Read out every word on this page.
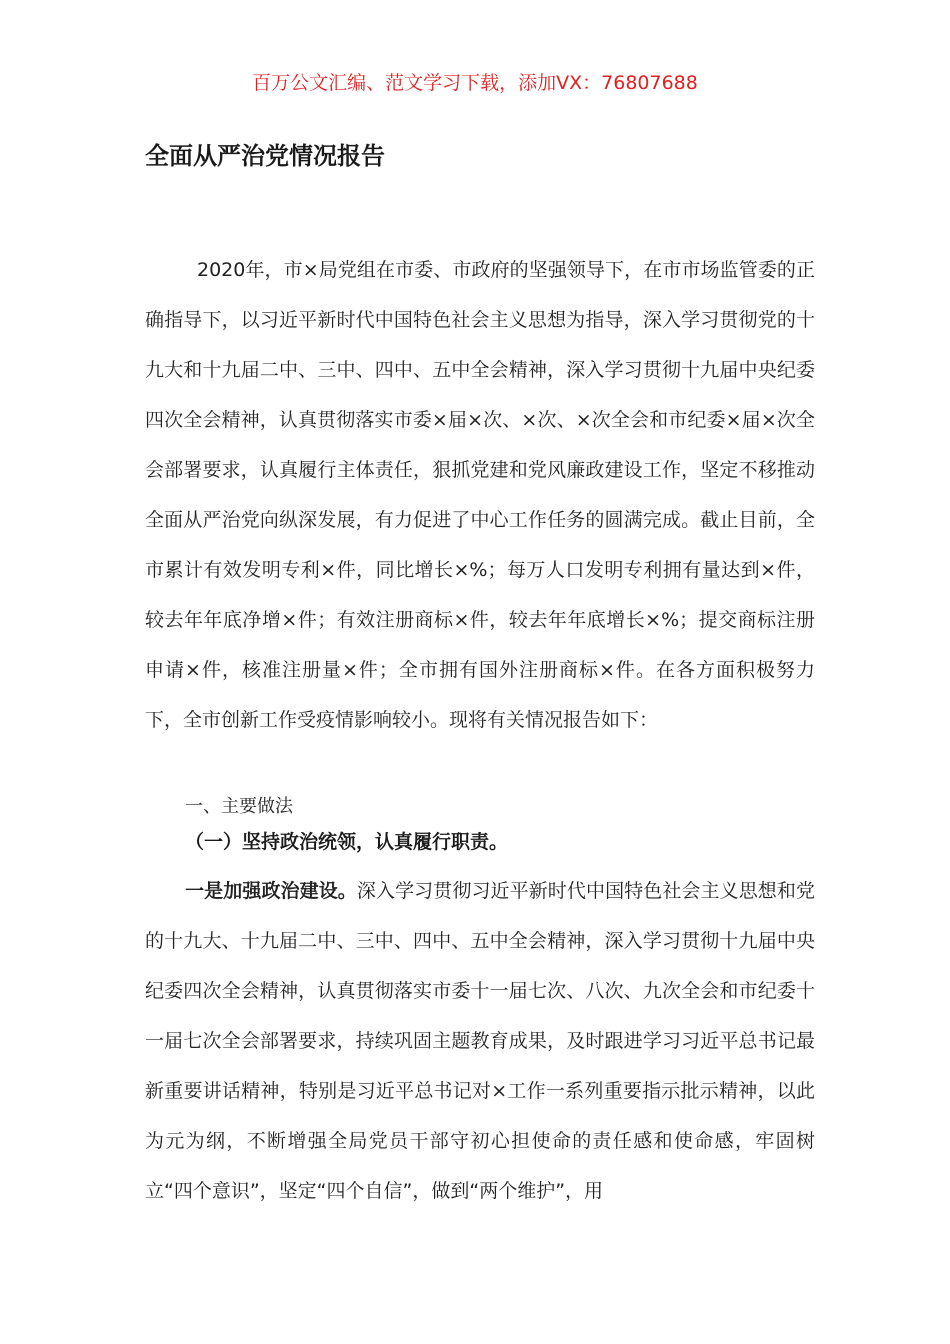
百万公文汇编、范文学习下载，添加VX：76807688
全面从严治党情况报告
2020年，市×局党组在市委、市政府的坚强领导下，在市市场监管委的正确指导下，以习近平新时代中国特色社会主义思想为指导，深入学习贯彻党的十九大和十九届二中、三中、四中、五中全会精神，深入学习贯彻十九届中央纪委四次全会精神，认真贯彻落实市委×届×次、×次、×次全会和市纪委×届×次全会部署要求，认真履行主体责任，狠抓党建和党风廉政建设工作，坚定不移推动全面从严治党向纵深发展，有力促进了中心工作任务的圆满完成。截止目前，全市累计有效发明专利×件，同比增长×%；每万人口发明专利拥有量达到×件，较去年年底净增×件；有效注册商标×件，较去年年底增长×%；提交商标注册申请×件，核准注册量×件；全市拥有国外注册商标×件。在各方面积极努力下，全市创新工作受疫情影响较小。现将有关情况报告如下：
一、主要做法
（一）坚持政治统领，认真履行职责。
一是加强政治建设。深入学习贯彻习近平新时代中国特色社会主义思想和党的十九大、十九届二中、三中、四中、五中全会精神，深入学习贯彻十九届中央纪委四次全会精神，认真贯彻落实市委十一届七次、八次、九次全会和市纪委十一届七次全会部署要求，持续巩固主题教育成果，及时跟进学习习近平总书记最新重要讲话精神，特别是习近平总书记对×工作一系列重要指示批示精神，以此为元为纲，不断增强全局党员干部守初心担使命的责任感和使命感，牢固树立“四个意识”，坚定“四个自信”，做到“两个维护”，用
